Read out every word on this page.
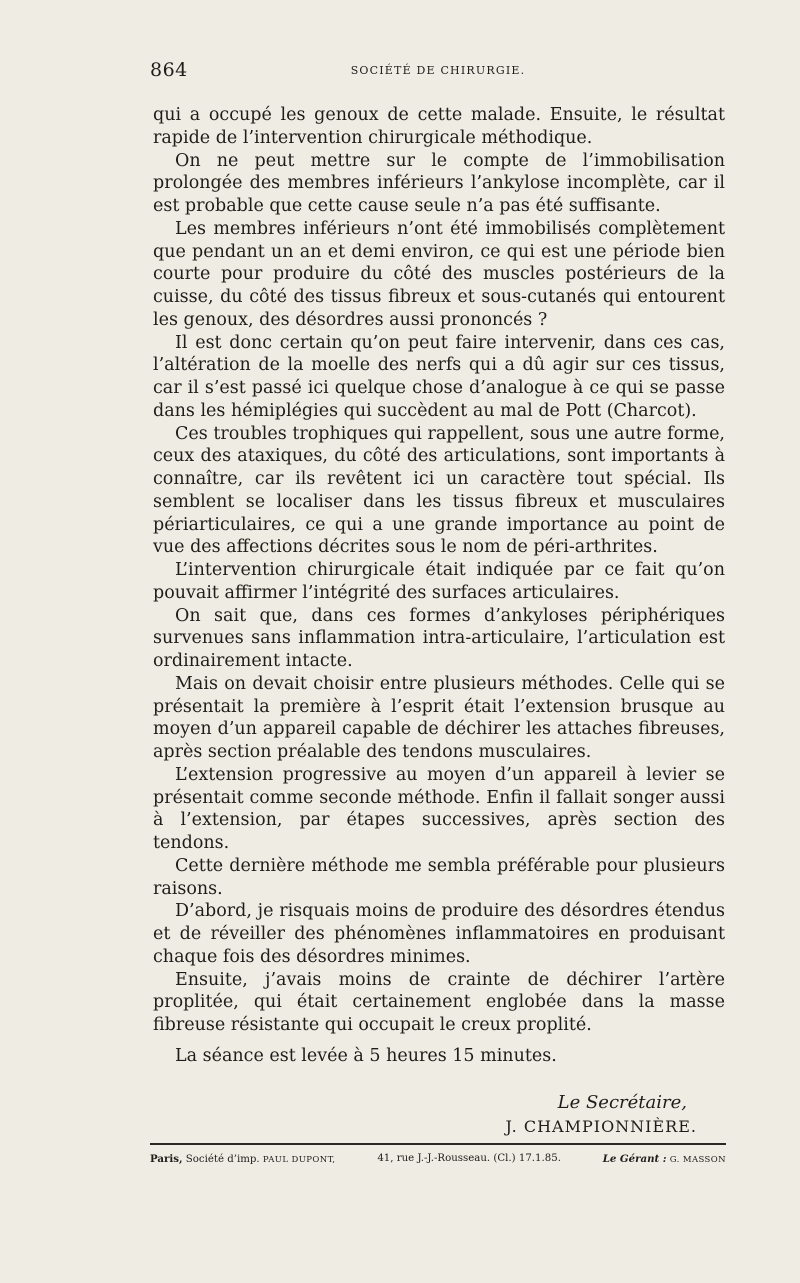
864	SOCIÉTÉ DE CHIRURGIE.

qui a occupé les genoux de cette malade. Ensuite, le résultat rapide de l’intervention chirurgicale méthodique.

On ne peut mettre sur le compte de l’immobilisation prolongée des membres inférieurs l’ankylose incomplète, car il est probable que cette cause seule n’a pas été suffisante.

Les membres inférieurs n’ont été immobilisés complètement que pendant un an et demi environ, ce qui est une période bien courte pour produire du côté des muscles postérieurs de la cuisse, du côté des tissus fibreux et sous-cutanés qui entourent les genoux, des désordres aussi prononcés ?

Il est donc certain qu’on peut faire intervenir, dans ces cas, l’altération de la moelle des nerfs qui a dû agir sur ces tissus, car il s’est passé ici quelque chose d’analogue à ce qui se passe dans les hémiplégies qui succèdent au mal de Pott (Charcot).

Ces troubles trophiques qui rappellent, sous une autre forme, ceux des ataxiques, du côté des articulations, sont importants à connaître, car ils revêtent ici un caractère tout spécial. Ils semblent se localiser dans les tissus fibreux et musculaires périarticulaires, ce qui a une grande importance au point de vue des affections décrites sous le nom de péri-arthrites.

L’intervention chirurgicale était indiquée par ce fait qu’on pouvait affirmer l’intégrité des surfaces articulaires.

On sait que, dans ces formes d’ankyloses périphériques survenues sans inflammation intra-articulaire, l’articulation est ordinairement intacte.

Mais on devait choisir entre plusieurs méthodes. Celle qui se présentait la première à l’esprit était l’extension brusque au moyen d’un appareil capable de déchirer les attaches fibreuses, après section préalable des tendons musculaires.

L’extension progressive au moyen d’un appareil à levier se présentait comme seconde méthode. Enfin il fallait songer aussi à l’extension, par étapes successives, après section des tendons.

Cette dernière méthode me sembla préférable pour plusieurs raisons.

D’abord, je risquais moins de produire des désordres étendus et de réveiller des phénomènes inflammatoires en produisant chaque fois des désordres minimes.

Ensuite, j’avais moins de crainte de déchirer l’artère proplitée, qui était certainement englobée dans la masse fibreuse résistante qui occupait le creux proplité.

La séance est levée à 5 heures 15 minutes.

Le Secrétaire,
J. CHAMPIONNIÈRE.
Paris, Société d’imp. PAUL DUPONT,	41, rue J.-J.-Rousseau. (Cl.) 17.1.85.	Le Gérant : G. MASSON
